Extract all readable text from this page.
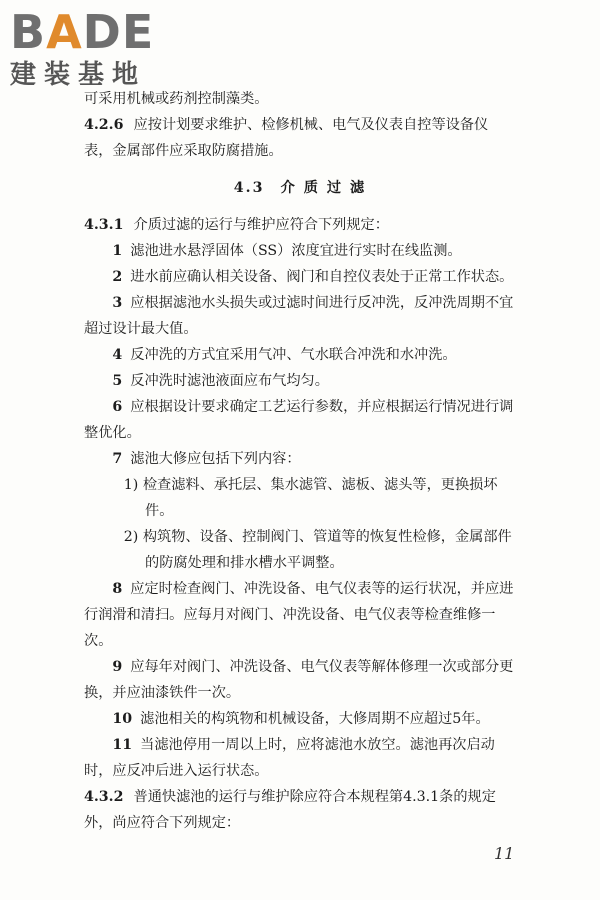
BADE
建装基地

可采用机械或药剂控制藻类。

4.2.6 应按计划要求维护、检修机械、电气及仪表自控等设备仪表，金属部件应采取防腐措施。

4.3　介 质 过 滤

4.3.1 介质过滤的运行与维护应符合下列规定：

1 滤池进水悬浮固体（SS）浓度宜进行实时在线监测。

2 进水前应确认相关设备、阀门和自控仪表处于正常工作状态。

3 应根据滤池水头损失或过滤时间进行反冲洗，反冲洗周期不宜超过设计最大值。

4 反冲洗的方式宜采用气冲、气水联合冲洗和水冲洗。

5 反冲洗时滤池液面应布气均匀。

6 应根据设计要求确定工艺运行参数，并应根据运行情况进行调整优化。

7 滤池大修应包括下列内容：

1) 检查滤料、承托层、集水滤管、滤板、滤头等，更换损坏件。

2) 构筑物、设备、控制阀门、管道等的恢复性检修，金属部件的防腐处理和排水槽水平调整。

8 应定时检查阀门、冲洗设备、电气仪表等的运行状况，并应进行润滑和清扫。应每月对阀门、冲洗设备、电气仪表等检查维修一次。

9 应每年对阀门、冲洗设备、电气仪表等解体修理一次或部分更换，并应油漆铁件一次。

10 滤池相关的构筑物和机械设备，大修周期不应超过5年。

11 当滤池停用一周以上时，应将滤池水放空。滤池再次启动时，应反冲后进入运行状态。

4.3.2 普通快滤池的运行与维护除应符合本规程第4.3.1条的规定外，尚应符合下列规定：

11
